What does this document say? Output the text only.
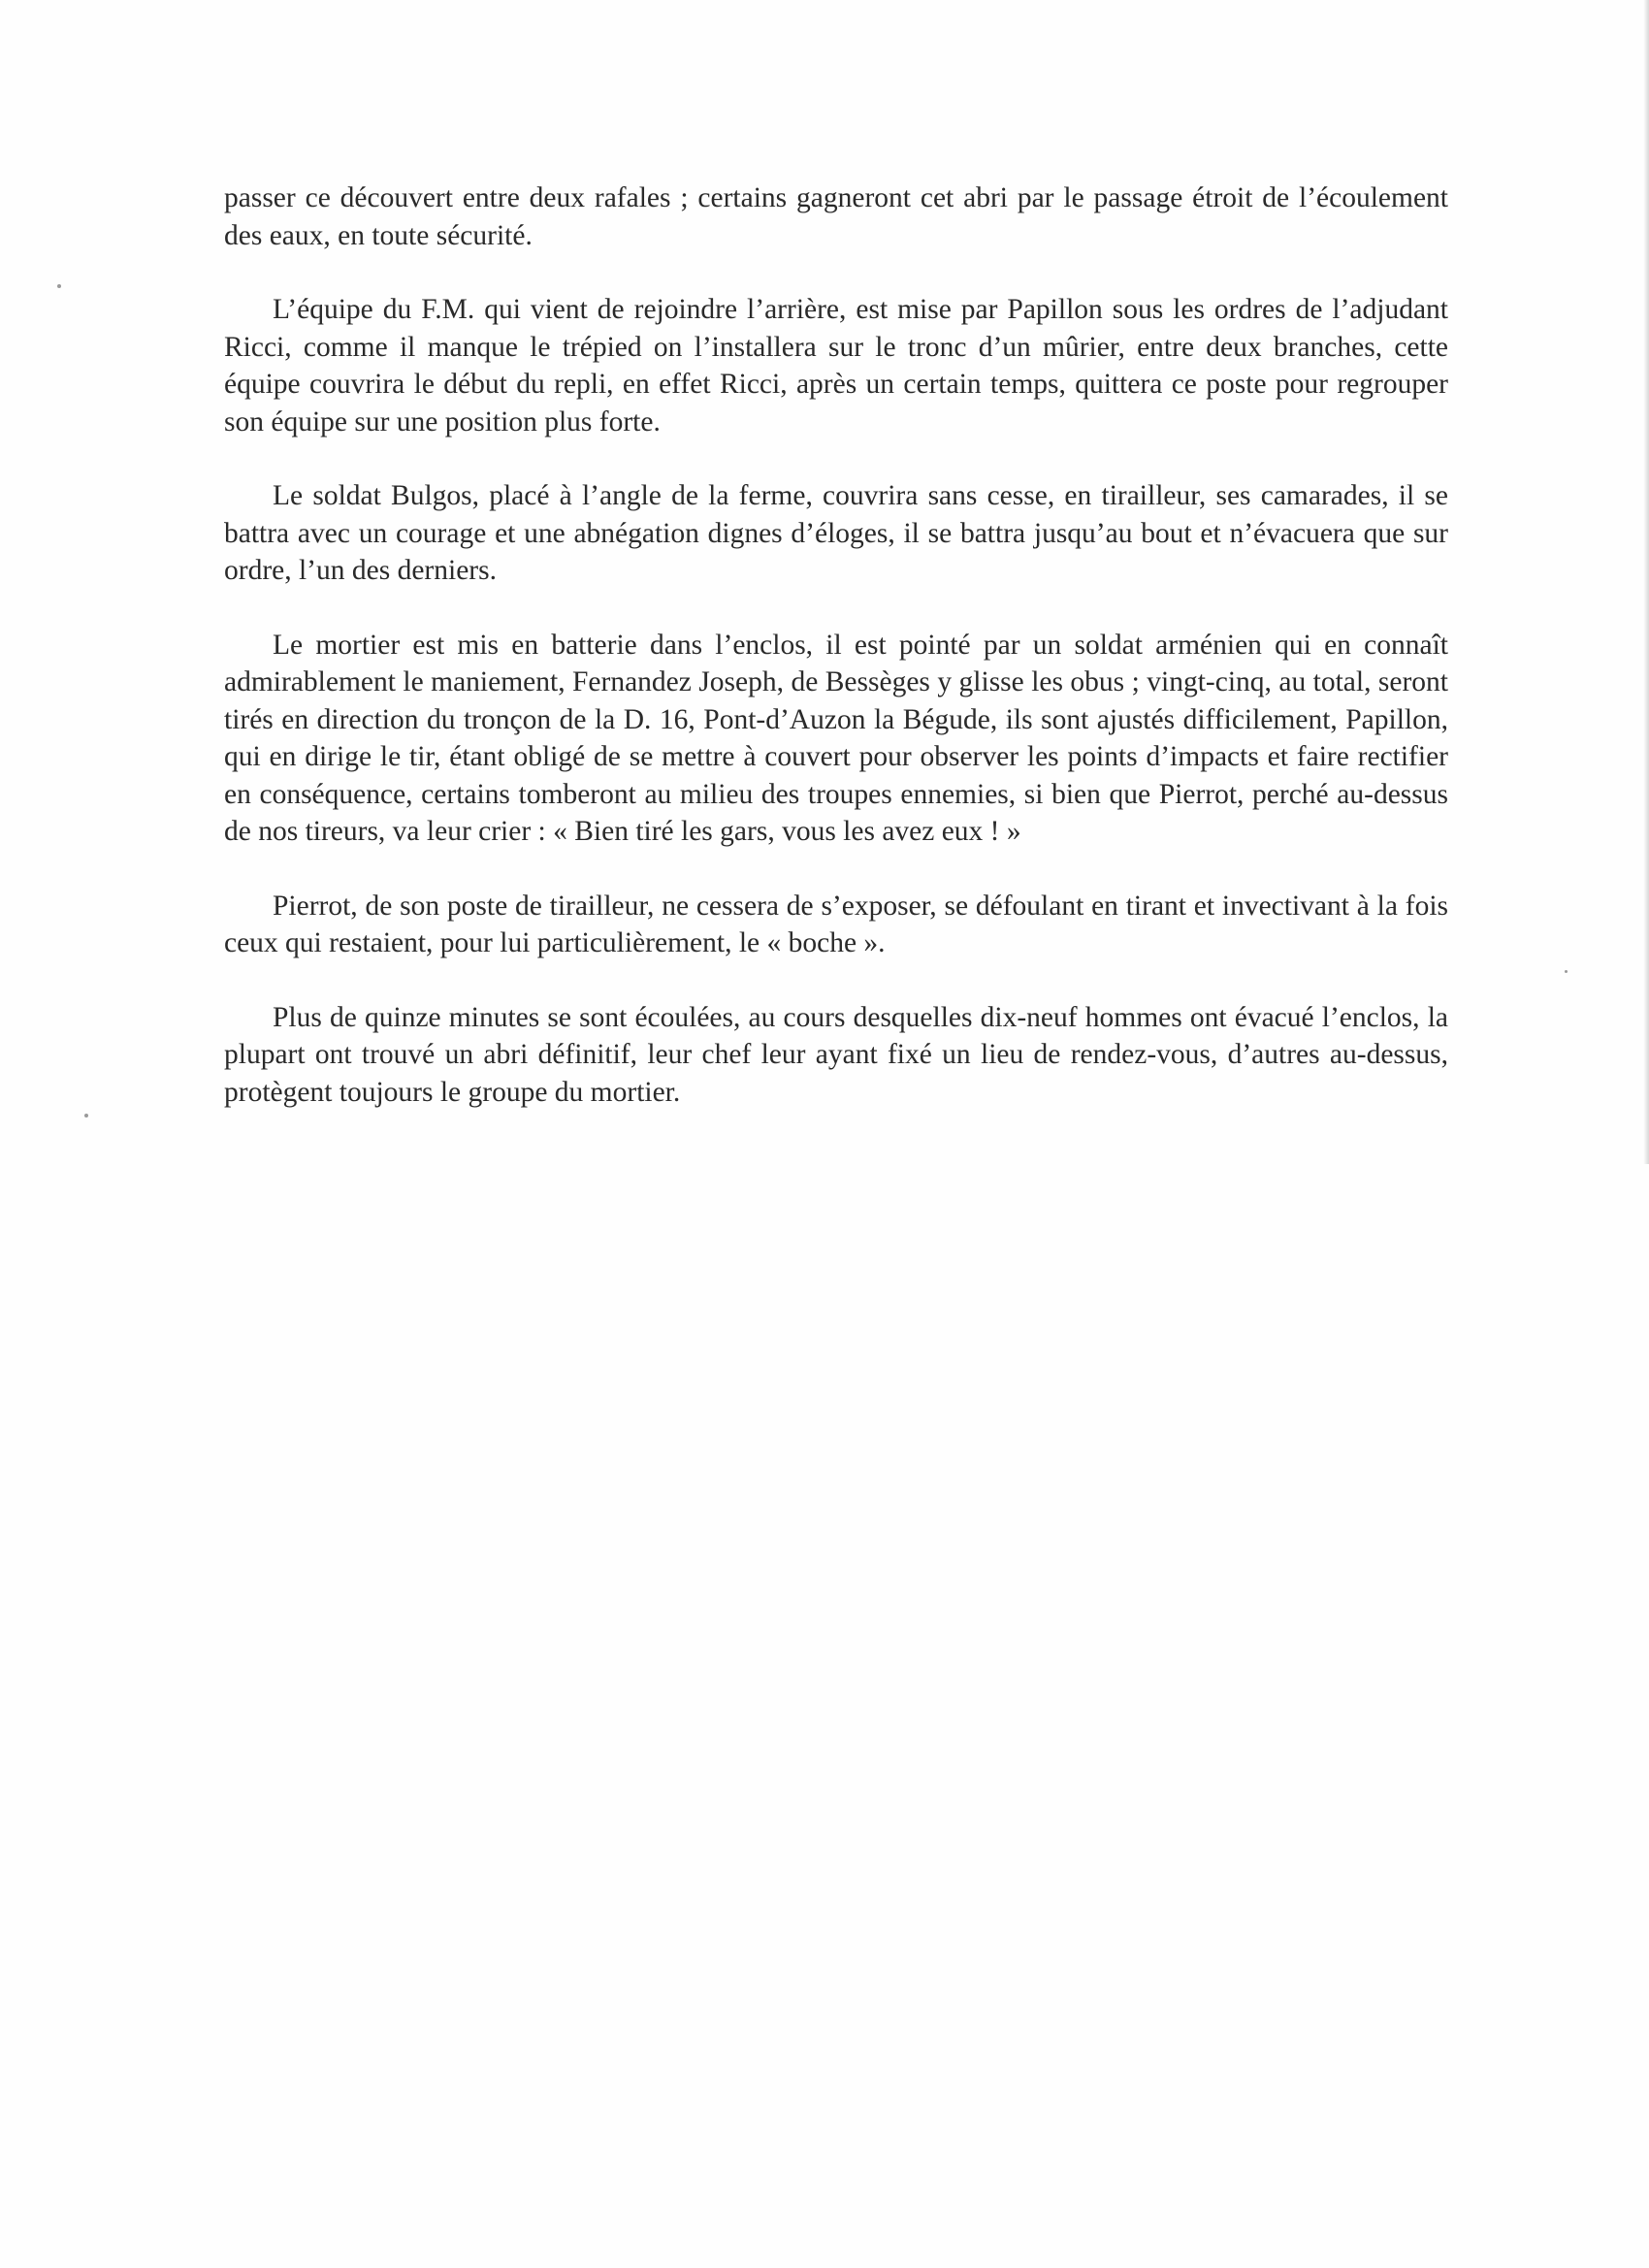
passer ce découvert entre deux rafales ; certains gagneront cet abri par le passage étroit de l’écoulement des eaux, en toute sécurité.

L’équipe du F.M. qui vient de rejoindre l’arrière, est mise par Papillon sous les ordres de l’adjudant Ricci, comme il manque le trépied on l’installera sur le tronc d’un mûrier, entre deux branches, cette équipe couvrira le début du repli, en effet Ricci, après un certain temps, quittera ce poste pour regrouper son équipe sur une position plus forte.

Le soldat Bulgos, placé à l’angle de la ferme, couvrira sans cesse, en tirailleur, ses camarades, il se battra avec un courage et une abnégation dignes d’éloges, il se battra jusqu’au bout et n’évacuera que sur ordre, l’un des derniers.

Le mortier est mis en batterie dans l’enclos, il est pointé par un soldat arménien qui en connaît admirablement le maniement, Fernandez Joseph, de Bessèges y glisse les obus ; vingt-cinq, au total, seront tirés en direction du tronçon de la D. 16, Pont-d’Auzon la Bégude, ils sont ajustés difficilement, Papillon, qui en dirige le tir, étant obligé de se mettre à couvert pour observer les points d’impacts et faire rectifier en conséquence, certains tomberont au milieu des troupes ennemies, si bien que Pierrot, perché au-dessus de nos tireurs, va leur crier : « Bien tiré les gars, vous les avez eux ! »

Pierrot, de son poste de tirailleur, ne cessera de s’exposer, se défoulant en tirant et invectivant à la fois ceux qui restaient, pour lui particulièrement, le « boche ».

Plus de quinze minutes se sont écoulées, au cours desquelles dix-neuf hommes ont évacué l’enclos, la plupart ont trouvé un abri définitif, leur chef leur ayant fixé un lieu de rendez-vous, d’autres au-dessus, protègent toujours le groupe du mortier.
